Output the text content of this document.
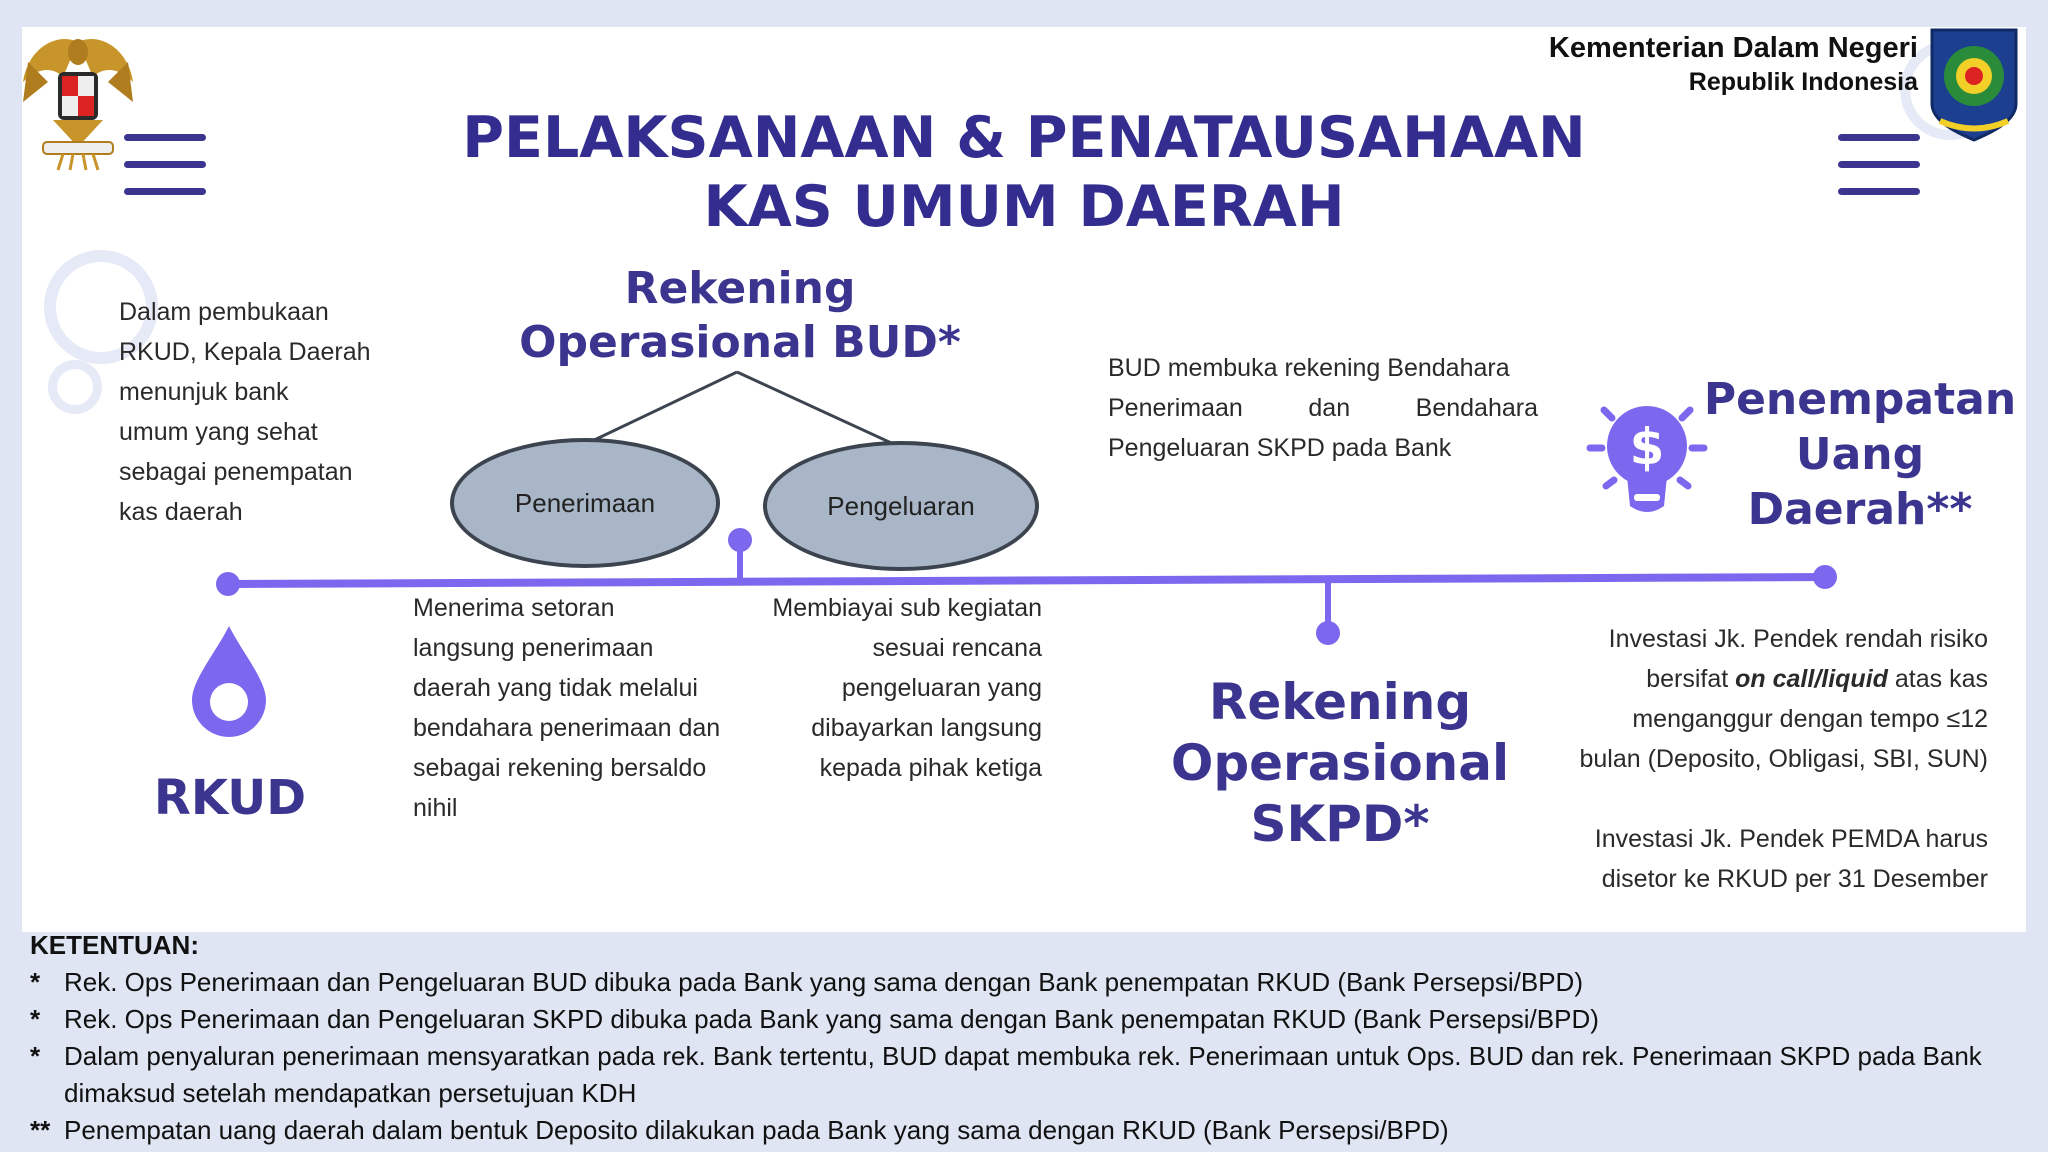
Kementerian Dalam Negeri
Republik Indonesia
PELAKSANAAN & PENATAUSAHAAN
KAS UMUM DAERAH
Dalam pembukaan
RKUD, Kepala Daerah
menunjuk bank
umum yang sehat
sebagai penempatan
kas daerah
Rekening
Operasional BUD*
Penerimaan	Pengeluaran
Menerima setoran
langsung penerimaan
daerah yang tidak melalui
bendahara penerimaan dan
sebagai rekening bersaldo
nihil
Membiayai sub kegiatan
sesuai rencana
pengeluaran yang
dibayarkan langsung
kepada pihak ketiga
RKUD
BUD membuka rekening Bendahara
Penerimaan dan Bendahara
Pengeluaran SKPD pada Bank
Rekening
Operasional
SKPD*
$
Penempatan
Uang
Daerah**
Investasi Jk. Pendek rendah risiko
bersifat on call/liquid atas kas
menganggur dengan tempo ≤12
bulan (Deposito, Obligasi, SBI, SUN)
Investasi Jk. Pendek PEMDA harus
disetor ke RKUD per 31 Desember
KETENTUAN:
* Rek. Ops Penerimaan dan Pengeluaran BUD dibuka pada Bank yang sama dengan Bank penempatan RKUD (Bank Persepsi/BPD)
* Rek. Ops Penerimaan dan Pengeluaran SKPD dibuka pada Bank yang sama dengan Bank penempatan RKUD (Bank Persepsi/BPD)
* Dalam penyaluran penerimaan mensyaratkan pada rek. Bank tertentu, BUD dapat membuka rek. Penerimaan untuk Ops. BUD dan rek. Penerimaan SKPD pada Bank dimaksud setelah mendapatkan persetujuan KDH
** Penempatan uang daerah dalam bentuk Deposito dilakukan pada Bank yang sama dengan RKUD (Bank Persepsi/BPD)
